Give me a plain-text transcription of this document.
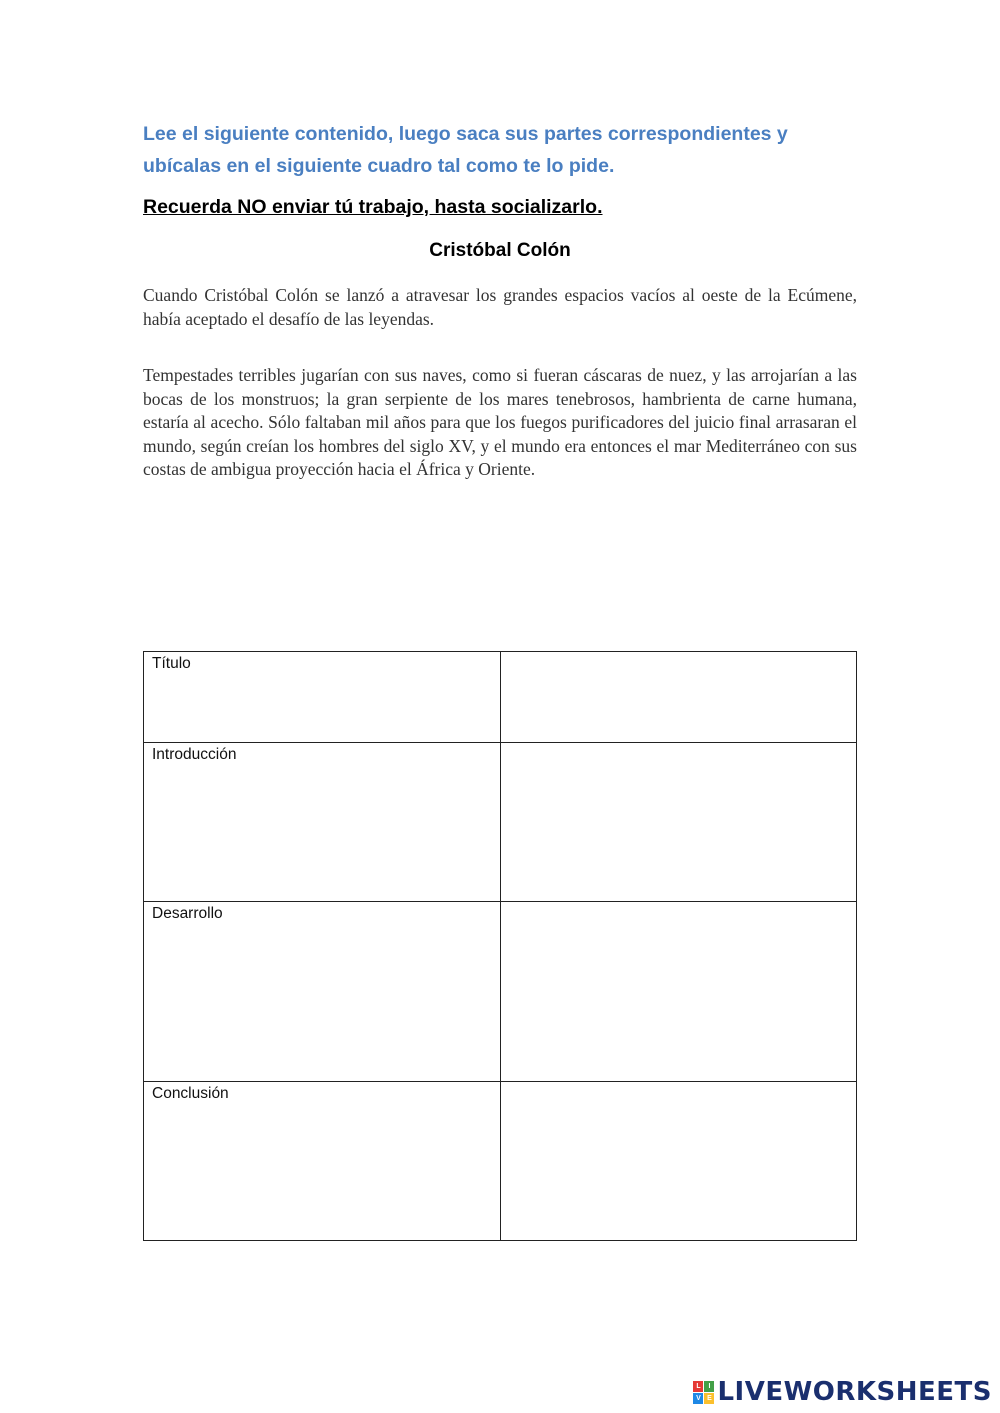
Lee el siguiente contenido, luego saca sus partes correspondientes y ubícalas en el siguiente cuadro tal como te lo pide.
Recuerda NO enviar tú trabajo, hasta socializarlo.
Cristóbal Colón

Cuando Cristóbal Colón se lanzó a atravesar los grandes espacios vacíos al oeste de la Ecúmene, había aceptado el desafío de las leyendas.

Tempestades terribles jugarían con sus naves, como si fueran cáscaras de nuez, y las arrojarían a las bocas de los monstruos; la gran serpiente de los mares tenebrosos, hambrienta de carne humana, estaría al acecho. Sólo faltaban mil años para que los fuegos purificadores del juicio final arrasaran el mundo, según creían los hombres del siglo XV, y el mundo era entonces el mar Mediterráneo con sus costas de ambigua proyección hacia el África y Oriente.

Título	
Introducción	
Desarrollo	
Conclusión	
L	I
V E LIVEWORKSHEETS
